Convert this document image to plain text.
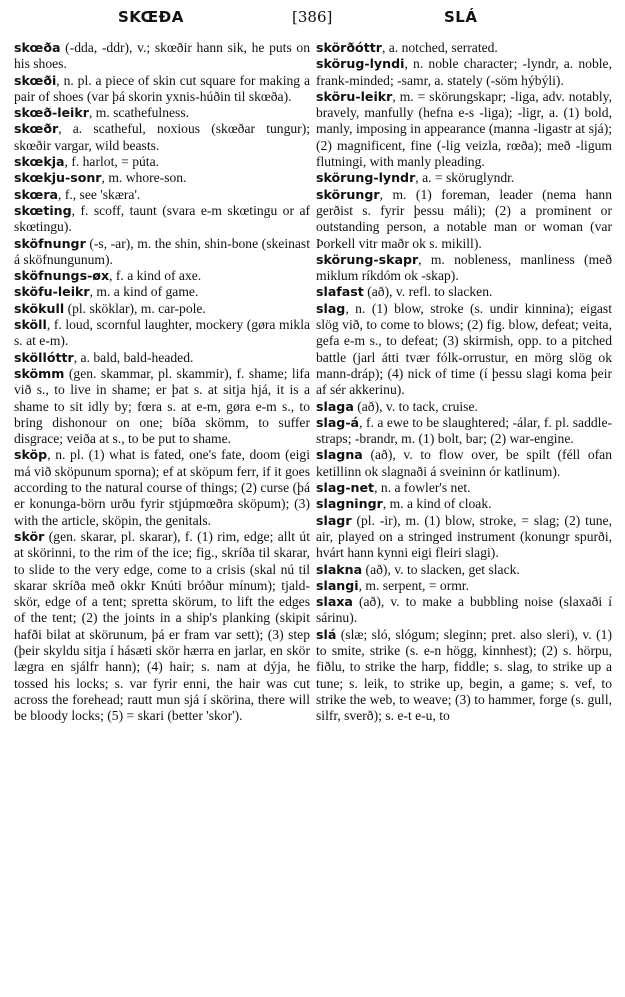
SKŒÐA	[386]	SLÁ

skœða (-dda, -ddr), v.; skœðir hann sik, he puts on his shoes.

skœði, n. pl. a piece of skin cut square for making a pair of shoes (var þá skorin yxnis-húðin til skœða).

skœð-leikr, m. scathefulness.

skœðr, a. scatheful, noxious (skœðar tungur); skœðir vargar, wild beasts.

skœkja, f. harlot, = púta.

skœkju-sonr, m. whore-son.

skœra, f., see 'skæra'.

skœting, f. scoff, taunt (svara e-m skœtingu or af skœtingu).

sköfnungr (-s, -ar), m. the shin, shin-bone (skeinast á sköfnungunum).

sköfnungs-øx, f. a kind of axe.

sköfu-leikr, m. a kind of game.

skökull (pl. sköklar), m. car-pole.

sköll, f. loud, scornful laughter, mockery (gøra mikla s. at e-m).

sköllóttr, a. bald, bald-headed.

skömm (gen. skammar, pl. skammir), f. shame; lifa við s., to live in shame; er þat s. at sitja hjá, it is a shame to sit idly by; fœra s. at e-m, gøra e-m s., to bring dishonour on one; bíða skömm, to suffer disgrace; veiða at s., to be put to shame.

sköp, n. pl. (1) what is fated, one's fate, doom (eigi má við sköpunum sporna); ef at sköpum ferr, if it goes according to the natural course of things; (2) curse (þá er konunga-börn urðu fyrir stjúpmœðra sköpum); (3) with the article, sköpin, the genitals.

skör (gen. skarar, pl. skarar), f. (1) rim, edge; allt út at skörinni, to the rim of the ice; fig., skríða til skarar, to slide to the very edge, come to a crisis (skal nú til skarar skríða með okkr Knúti bróður mínum); tjald-skör, edge of a tent; spretta skörum, to lift the edges of the tent; (2) the joints in a ship's planking (skipit hafði bilat at skörunum, þá er fram var sett); (3) step (þeir skyldu sitja í hásæti skör hærra en jarlar, en skör lægra en sjálfr hann); (4) hair; s. nam at dýja, he tossed his locks; s. var fyrir enni, the hair was cut across the forehead; rautt mun sjá í skörina, there will be bloody locks; (5) = skari (better 'skor').

skörðóttr, a. notched, serrated.

skörug-lyndi, n. noble character; -lyndr, a. noble, frank-minded; -samr, a. stately (-söm hýbýli).

sköru-leikr, m. = skörungskapr; -liga, adv. notably, bravely, manfully (hefna e-s -liga); -ligr, a. (1) bold, manly, imposing in appearance (manna -ligastr at sjá); (2) magnificent, fine (-lig veizla, rœða); með -ligum flutningi, with manly pleading.

skörung-lyndr, a. = sköruglyndr.

skörungr, m. (1) foreman, leader (nema hann gerðist s. fyrir þessu máli); (2) a prominent or outstanding person, a notable man or woman (var Þorkell vitr maðr ok s. mikill).

skörung-skapr, m. nobleness, manliness (með miklum ríkdóm ok -skap).

slafast (að), v. refl. to slacken.

slag, n. (1) blow, stroke (s. undir kinnina); eigast slög við, to come to blows; (2) fig. blow, defeat; veita, gefa e-m s., to defeat; (3) skirmish, opp. to a pitched battle (jarl átti tvær fólk-orrustur, en mörg slög ok mann-dráp); (4) nick of time (í þessu slagi koma þeir af sér akkerinu).

slaga (að), v. to tack, cruise.

slag-á, f. a ewe to be slaughtered; -álar, f. pl. saddle-straps; -brandr, m. (1) bolt, bar; (2) war-engine.

slagna (að), v. to flow over, be spilt (féll ofan ketillinn ok slagnaði á sveininn ór katlinum).

slag-net, n. a fowler's net.

slagningr, m. a kind of cloak.

slagr (pl. -ir), m. (1) blow, stroke, = slag; (2) tune, air, played on a stringed instrument (konungr spurði, hvárt hann kynni eigi fleiri slagi).

slakna (að), v. to slacken, get slack.

slangi, m. serpent, = ormr.

slaxa (að), v. to make a bubbling noise (slaxaði í sárinu).

slá (slæ; sló, slógum; sleginn; pret. also sleri), v. (1) to smite, strike (s. e-n högg, kinnhest); (2) s. hörpu, fiðlu, to strike the harp, fiddle; s. slag, to strike up a tune; s. leik, to strike up, begin, a game; s. vef, to strike the web, to weave; (3) to hammer, forge (s. gull, silfr, sverð); s. e-t e-u, to
